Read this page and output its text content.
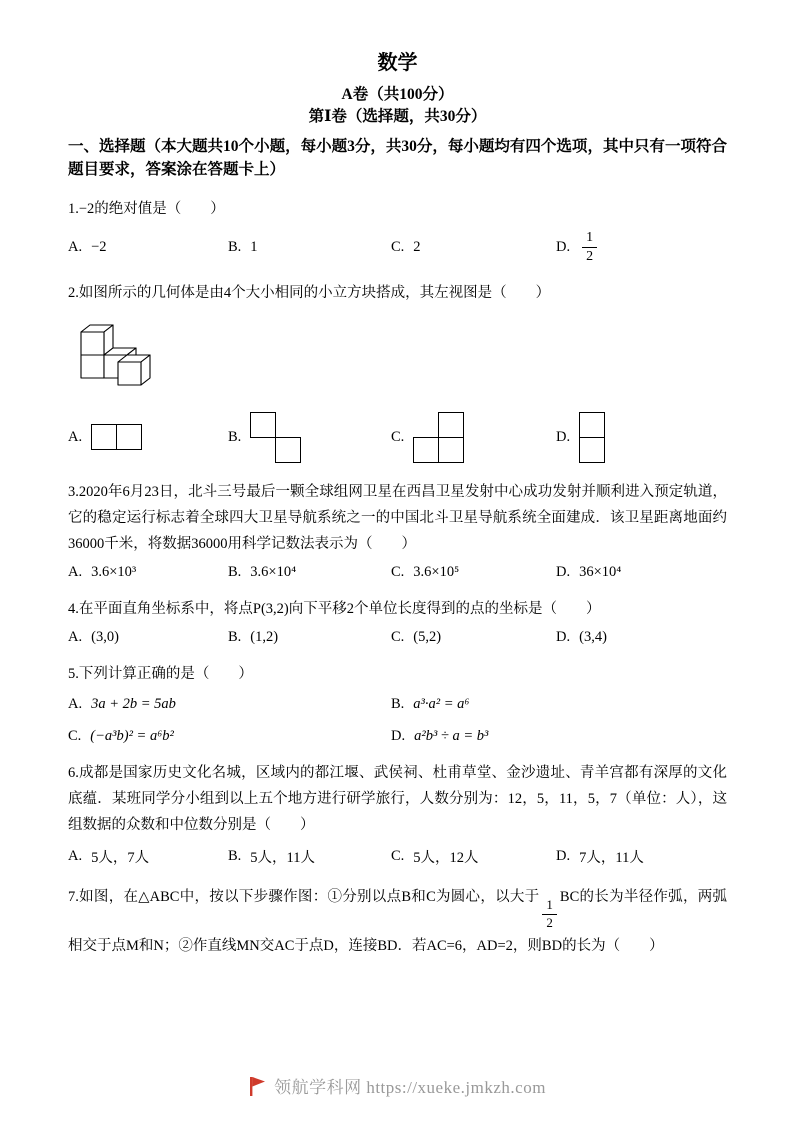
数学
A卷（共100分）
第Ⅰ卷（选择题，共30分）
一、选择题（本大题共10个小题，每小题3分，共30分，每小题均有四个选项，其中只有一项符合题目要求，答案涂在答题卡上）
1.−2的绝对值是（　　）
A. −2	B. 1	C. 2	D. $\frac{1}{2}$
2.如图所示的几何体是由4个大小相同的小立方块搭成，其左视图是（　　）
A.	B.	C.	D.
3.2020年6月23日，北斗三号最后一颗全球组网卫星在西昌卫星发射中心成功发射并顺利进入预定轨道，它的稳定运行标志着全球四大卫星导航系统之一的中国北斗卫星导航系统全面建成．该卫星距离地面约36000千米，将数据36000用科学记数法表示为（　　）
A. 3.6×10³	B. 3.6×10⁴	C. 3.6×10⁵	D. 36×10⁴
4.在平面直角坐标系中，将点P(3,2)向下平移2个单位长度得到的点的坐标是（　　）
A. (3,0)	B. (1,2)	C. (5,2)	D. (3,4)
5.下列计算正确的是（　　）
A. 3a + 2b = 5ab	B. a³·a² = a⁶
C. (−a³b)² = a⁶b²	D. a²b³ ÷ a = b³
6.成都是国家历史文化名城，区域内的都江堰、武侯祠、杜甫草堂、金沙遗址、青羊宫都有深厚的文化底蕴．某班同学分小组到以上五个地方进行研学旅行，人数分别为：12，5，11，5，7（单位：人），这组数据的众数和中位数分别是（　　）
A. 5人，7人	B. 5人，11人	C. 5人，12人	D. 7人，11人
7.如图，在△ABC中，按以下步骤作图：①分别以点B和C为圆心，以大于
$\frac{1}{2}$
BC的长为半径作弧，两弧相交于点M和N；②作直线MN交AC于点D，连接BD．若AC=6，AD=2，则BD的长为（　　）
领航学科网 https://xueke.jmkzh.com
